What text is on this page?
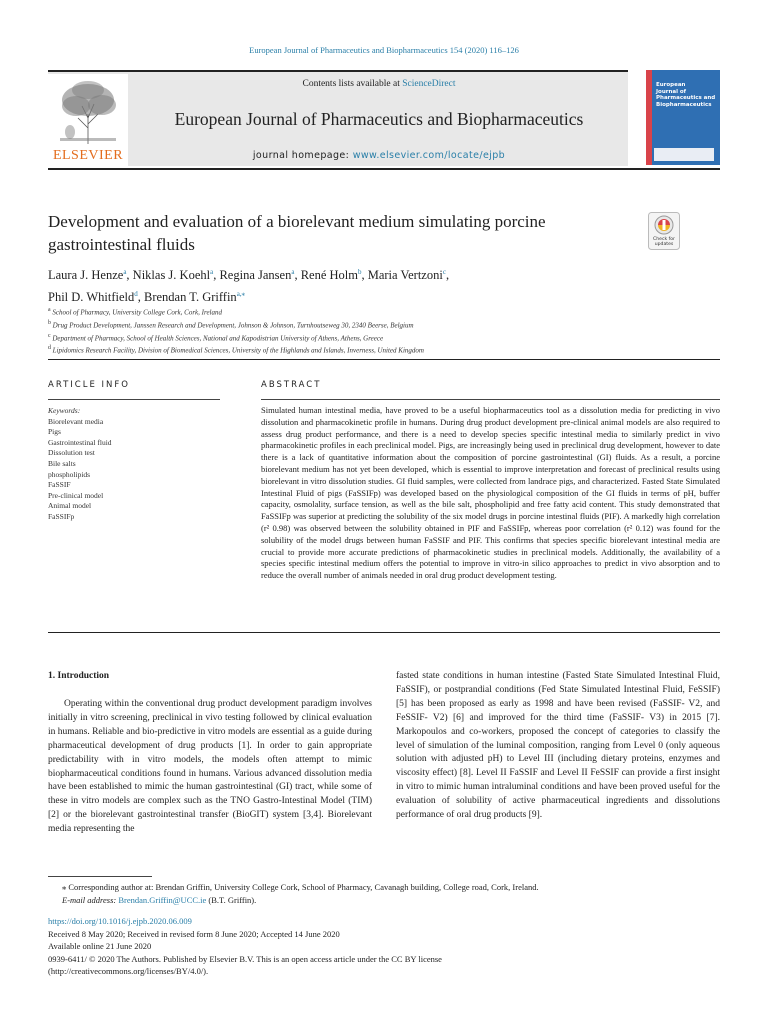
European Journal of Pharmaceutics and Biopharmaceutics 154 (2020) 116–126
ELSEVIER
Contents lists available at ScienceDirect
European Journal of Pharmaceutics and Biopharmaceutics
journal homepage: www.elsevier.com/locate/ejpb
European
Journal of
Pharmaceutics and
Biopharmaceutics
Development and evaluation of a biorelevant medium simulating porcine
gastrointestinal fluids	Check for
updates
Laura J. Henze$^a$, Niklas J. Koehl$^a$, Regina Jansen$^a$, René Holm$^b$, Maria Vertzoni$^c$,
Phil D. Whitfield$^d$, Brendan T. Griffin$^{a,⁎}$
$^a$ School of Pharmacy, University College Cork, Cork, Ireland
$^b$ Drug Product Development, Janssen Research and Development, Johnson & Johnson, Turnhoutseweg 30, 2340 Beerse, Belgium
$^c$ Department of Pharmacy, School of Health Sciences, National and Kapodistrian University of Athens, Athens, Greece
$^d$ Lipidomics Research Facility, Division of Biomedical Sciences, University of the Highlands and Islands, Inverness, United Kingdom
ARTICLE INFO	ABSTRACT
Keywords:
Biorelevant media
Pigs
Gastrointestinal fluid
Dissolution test
Bile salts
phospholipids
FaSSIF
Pre-clinical model
Animal model
FaSSIFp
Simulated human intestinal media, have proved to be a useful biopharmaceutics tool as a dissolution media for predicting in vivo dissolution and pharmacokinetic profile in humans. During drug product development pre-clinical animal models are also required to assess drug product performance, and there is a need to develop species specific intestinal media to similarly predict in vivo pharmacokinetic profiles in each preclinical model. Pigs, are increasingly being used in preclinical drug development, however to date there is a lack of quantitative information about the composition of porcine gastrointestinal (GI) fluids. As a result, a porcine biorelevant medium has not yet been developed, which is essential to improve interpretation and forecast of preclinical results using biorelevant in vitro dissolution studies. GI fluid samples, were collected from landrace pigs, and characterized. Fasted State Simulated Intestinal Fluid of pigs (FaSSIFp) was developed based on the physiological composition of the GI fluids in terms of pH, buffer capacity, osmolality, surface tension, as well as the bile salt, phospholipid and free fatty acid content. This study demonstrated that FaSSIFp was superior at predicting the solubility of the six model drugs in porcine intestinal fluids (PIF). A markedly high correlation (r² 0.98) was observed between the solubility obtained in PIF and FaSSIFp, whereas poor correlation (r² 0.12) was found for the solubility of the model drugs between human FaSSIF and PIF. This confirms that species specific biorelevant intestinal media are crucial to provide more accurate predictions of pharmacokinetic studies in preclinical models. Additionally, the availability of a species specific intestinal medium offers the potential to improve in vitro-in silico approaches to predict in vivo absorption and to reduce the overall number of animals needed in oral drug product development testing.
1. Introduction
Operating within the conventional drug product development paradigm involves initially in vitro screening, preclinical in vivo testing followed by clinical evaluation in humans. Reliable and bio-predictive in vitro models are essential as a guide during pharmaceutical development of drug products [1]. In order to gain appropriate predictability with in vitro models, the models often attempt to mimic biopharmaceutical conditions found in humans. Various advanced dissolution media have been established to mimic the human gastrointestinal (GI) tract, while some of these in vitro models are complex such as the TNO Gastro-Intestinal Model (TIM) [2] or the biorelevant gastrointestinal transfer (BioGIT) system [3,4]. Biorelevant media representing the
fasted state conditions in human intestine (Fasted State Simulated Intestinal Fluid, FaSSIF), or postprandial conditions (Fed State Simulated Intestinal Fluid, FeSSIF) [5] has been proposed as early as 1998 and have been revised (FaSSIF- V2, and FeSSIF- V2) [6] and improved for the third time (FaSSIF- V3) in 2015 [7]. Markopoulos and co-workers, proposed the concept of categories to classify the level of simulation of the luminal composition, ranging from Level 0 (only aqueous solution with adjusted pH) to Level III (including dietary proteins, enzymes and viscosity effect) [8]. Level II FaSSIF and Level II FeSSIF can provide a first insight in vitro to mimic human intraluminal conditions and have been proved useful for the evaluation of solubility of active pharmaceutical ingredients and dissolutions performance of oral drug products [9].
⁎ Corresponding author at: Brendan Griffin, University College Cork, School of Pharmacy, Cavanagh building, College road, Cork, Ireland.
E-mail address: Brendan.Griffin@UCC.ie (B.T. Griffin).
https://doi.org/10.1016/j.ejpb.2020.06.009
Received 8 May 2020; Received in revised form 8 June 2020; Accepted 14 June 2020
Available online 21 June 2020
0939-6411/ © 2020 The Authors. Published by Elsevier B.V. This is an open access article under the CC BY license
(http://creativecommons.org/licenses/BY/4.0/).
